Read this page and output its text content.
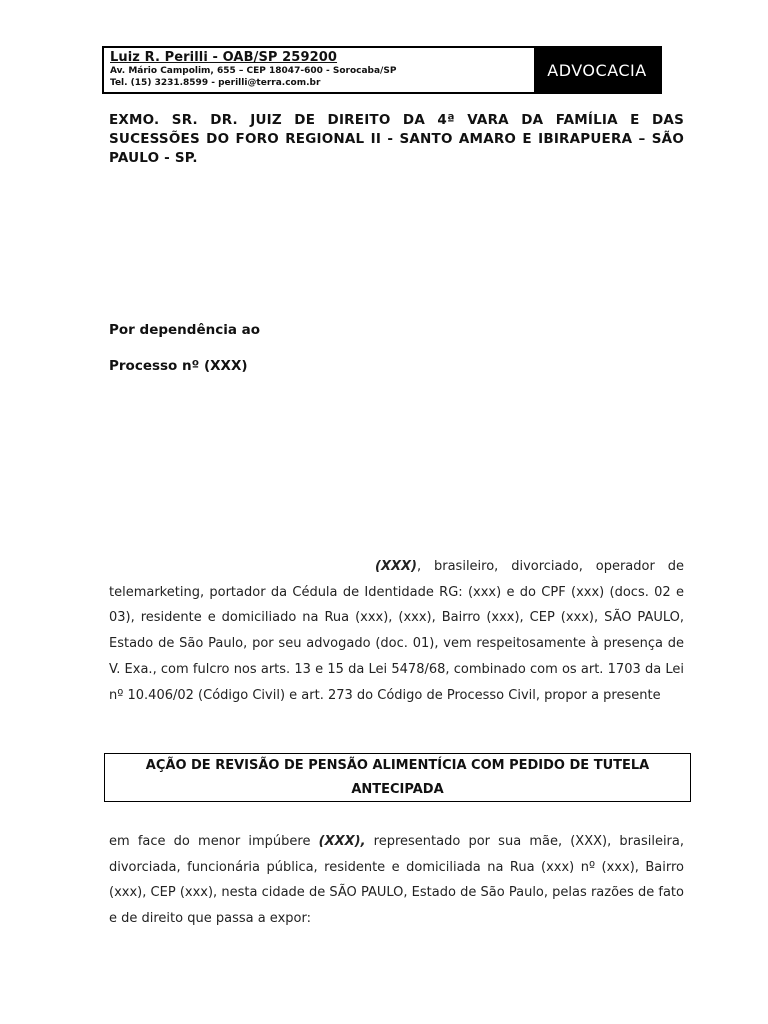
Luiz R. Perilli - OAB/SP 259200
Av. Mário Campolim, 655 – CEP 18047-600 - Sorocaba/SP
Tel. (15) 3231.8599 - perilli@terra.com.br
ADVOCACIA
EXMO. SR. DR. JUIZ DE DIREITO DA 4ª VARA DA FAMÍLIA E DAS SUCESSÕES DO FORO REGIONAL II - SANTO AMARO E IBIRAPUERA – SÃO PAULO - SP.
Por dependência ao
Processo nº (XXX)
(XXX), brasileiro, divorciado, operador de telemarketing, portador da Cédula de Identidade RG: (xxx) e do CPF (xxx) (docs. 02 e 03), residente e domiciliado na Rua (xxx), (xxx), Bairro (xxx), CEP (xxx), SÃO PAULO, Estado de São Paulo, por seu advogado (doc. 01), vem respeitosamente à presença de V. Exa., com fulcro nos arts. 13 e 15 da Lei 5478/68, combinado com os art. 1703 da Lei nº 10.406/02 (Código Civil) e art. 273 do Código de Processo Civil, propor a presente
AÇÃO DE REVISÃO DE PENSÃO ALIMENTÍCIA COM PEDIDO DE TUTELA
ANTECIPADA
em face do menor impúbere (XXX), representado por sua mãe, (XXX), brasileira, divorciada, funcionária pública, residente e domiciliada na Rua (xxx) nº (xxx), Bairro (xxx), CEP (xxx), nesta cidade de SÃO PAULO, Estado de São Paulo, pelas razões de fato e de direito que passa a expor:
